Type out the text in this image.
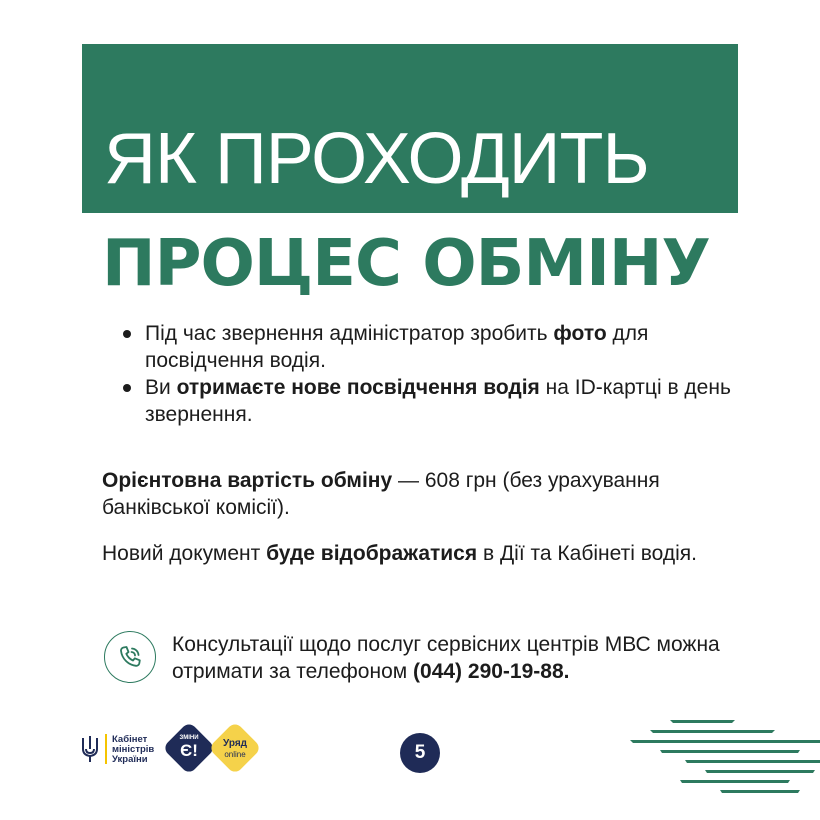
ЯК ПРОХОДИТЬ
ПРОЦЕС ОБМІНУ
Під час звернення адміністратор зробить фото для посвідчення водія.
Ви отримаєте нове посвідчення водія на ID-картці в день звернення.
Орієнтовна вартість обміну — 608 грн (без урахування банківської комісії).
Новий документ буде відображатися в Дії та Кабінеті водія.
Консультації щодо послуг сервісних центрів МВС можна отримати за телефоном (044) 290-19-88.
Кабінет
міністрів
України
ЗМІНИ
Є!	Уряд
online	5
